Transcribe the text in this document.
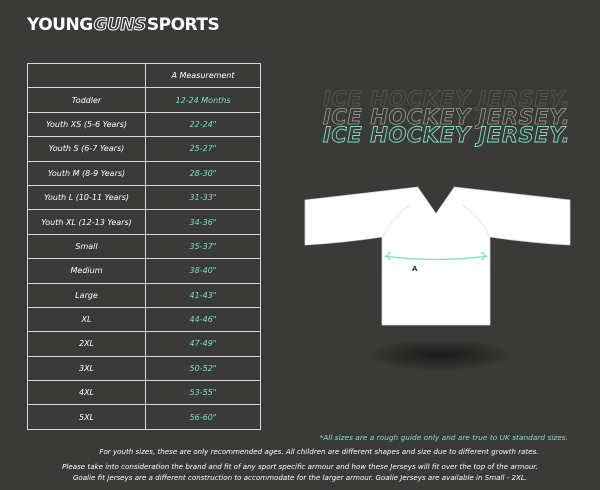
YOUNGGUNSSPORTS
	A Measurement
Toddler	12-24 Months
Youth XS (5-6 Years)	22-24"
Youth S (6-7 Years)	25-27"
Youth M (8-9 Years)	28-30"
Youth L (10-11 Years)	31-33"
Youth XL (12-13 Years)	34-36"
Small	35-37"
Medium	38-40"
Large	41-43"
XL	44-46"
2XL	47-49"
3XL	50-52"
4XL	53-55"
5XL	56-60"
ICE HOCKEY JERSEY.
ICE HOCKEY JERSEY.
ICE HOCKEY JERSEY.
A
*All sizes are a rough guide only and are true to UK standard sizes.
For youth sizes, these are only recommended ages. All children are different shapes and size due to different growth rates.
Please take into consideration the brand and fit of any sport specific armour and how these Jerseys will fit over the top of the armour.
Goalie fit jerseys are a different construction to accommodate for the larger armour. Goalie Jerseys are available in Small - 2XL.
